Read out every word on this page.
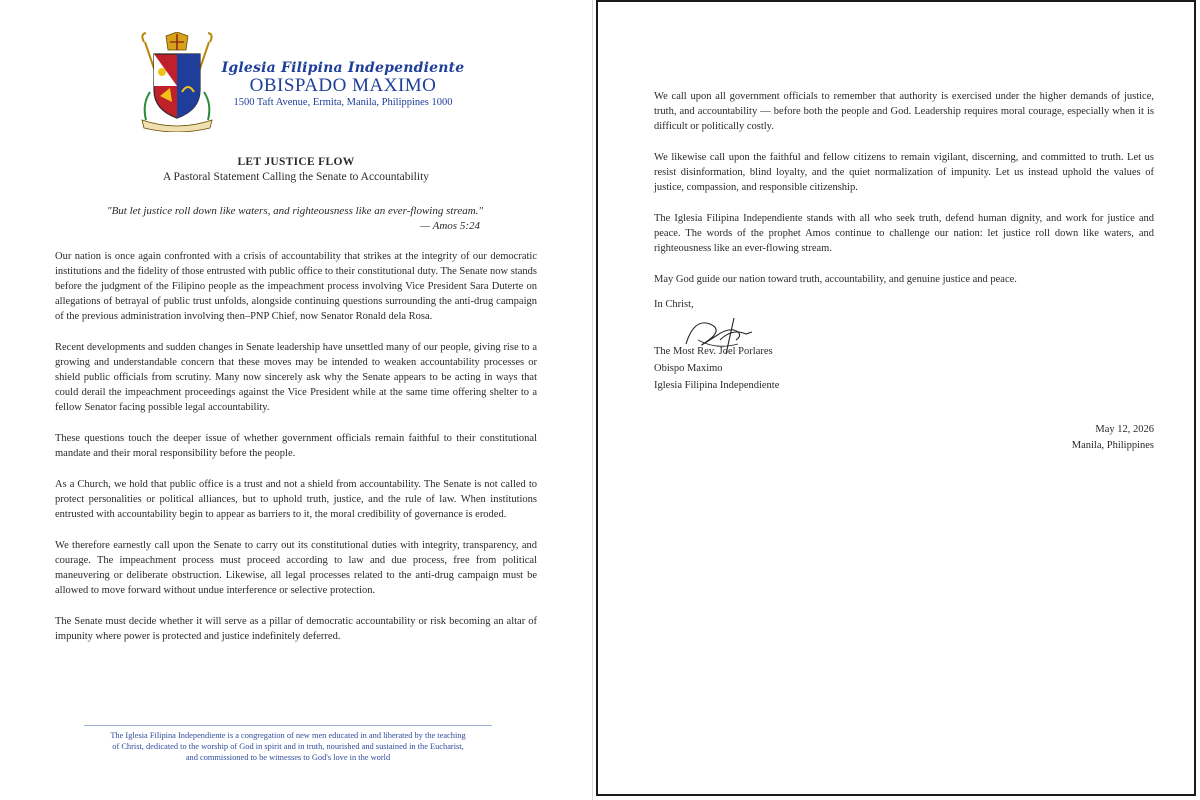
Iglesia Filipina Independiente
OBISPADO MAXIMO
1500 Taft Avenue, Ermita, Manila, Philippines 1000
LET JUSTICE FLOW
A Pastoral Statement Calling the Senate to Accountability
"But let justice roll down like waters, and righteousness like an ever-flowing stream."
— Amos 5:24

Our nation is once again confronted with a crisis of accountability that strikes at the integrity of our democratic institutions and the fidelity of those entrusted with public office to their constitutional duty. The Senate now stands before the judgment of the Filipino people as the impeachment process involving Vice President Sara Duterte on allegations of betrayal of public trust unfolds, alongside continuing questions surrounding the anti-drug campaign of the previous administration involving then–PNP Chief, now Senator Ronald dela Rosa.

Recent developments and sudden changes in Senate leadership have unsettled many of our people, giving rise to a growing and understandable concern that these moves may be intended to weaken accountability processes or shield public officials from scrutiny. Many now sincerely ask why the Senate appears to be acting in ways that could derail the impeachment proceedings against the Vice President while at the same time offering shelter to a fellow Senator facing possible legal accountability.

These questions touch the deeper issue of whether government officials remain faithful to their constitutional mandate and their moral responsibility before the people.

As a Church, we hold that public office is a trust and not a shield from accountability. The Senate is not called to protect personalities or political alliances, but to uphold truth, justice, and the rule of law. When institutions entrusted with accountability begin to appear as barriers to it, the moral credibility of governance is eroded.

We therefore earnestly call upon the Senate to carry out its constitutional duties with integrity, transparency, and courage. The impeachment process must proceed according to law and due process, free from political maneuvering or deliberate obstruction. Likewise, all legal processes related to the anti-drug campaign must be allowed to move forward without undue interference or selective protection.

The Senate must decide whether it will serve as a pillar of democratic accountability or risk becoming an altar of impunity where power is protected and justice indefinitely deferred.

The Iglesia Filipina Independiente is a congregation of new men educated in and liberated by the teaching
of Christ, dedicated to the worship of God in spirit and in truth, nourished and sustained in the Eucharist,
and commissioned to be witnesses to God's love in the world

We call upon all government officials to remember that authority is exercised under the higher demands of justice, truth, and accountability — before both the people and God. Leadership requires moral courage, especially when it is difficult or politically costly.

We likewise call upon the faithful and fellow citizens to remain vigilant, discerning, and committed to truth. Let us resist disinformation, blind loyalty, and the quiet normalization of impunity. Let us instead uphold the values of justice, compassion, and responsible citizenship.

The Iglesia Filipina Independiente stands with all who seek truth, defend human dignity, and work for justice and peace. The words of the prophet Amos continue to challenge our nation: let justice roll down like waters, and righteousness like an ever-flowing stream.

May God guide our nation toward truth, accountability, and genuine justice and peace.

In Christ,
The Most Rev. Joel Porlares
Obispo Maximo
Iglesia Filipina Independiente
May 12, 2026
Manila, Philippines
